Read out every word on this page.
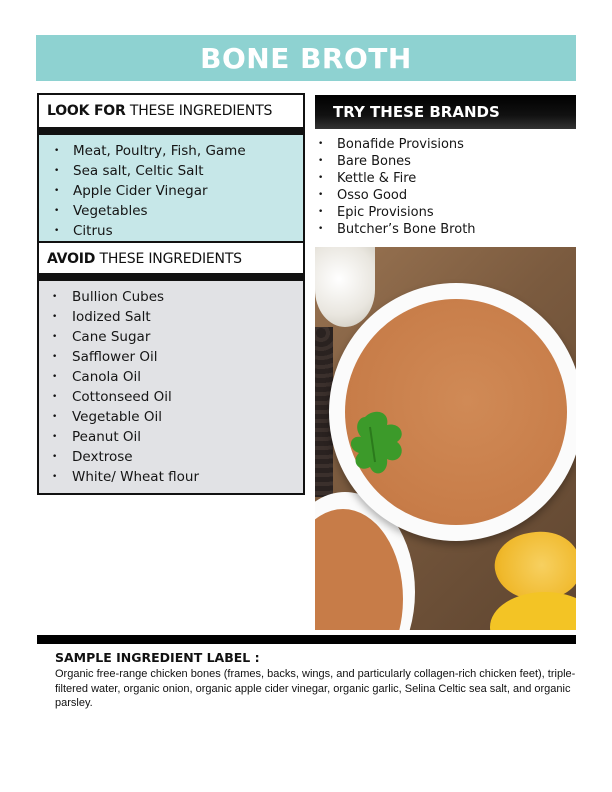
BONE BROTH
LOOK FOR THESE INGREDIENTS
• Meat, Poultry, Fish, Game
• Sea salt, Celtic Salt
• Apple Cider Vinegar
• Vegetables
• Citrus
AVOID THESE INGREDIENTS
• Bullion Cubes
• Iodized Salt
• Cane Sugar
• Safflower Oil
• Canola Oil
• Cottonseed Oil
• Vegetable Oil
• Peanut Oil
• Dextrose
• White/ Wheat flour
TRY THESE BRANDS
• Bonafide Provisions
• Bare Bones
• Kettle & Fire
• Osso Good
• Epic Provisions
• Butcher’s Bone Broth
SAMPLE INGREDIENT LABEL :
Organic free-range chicken bones (frames, backs, wings, and particularly collagen-rich chicken feet), triple-filtered water, organic onion, organic apple cider vinegar, organic garlic, Selina Celtic sea salt, and organic parsley.
